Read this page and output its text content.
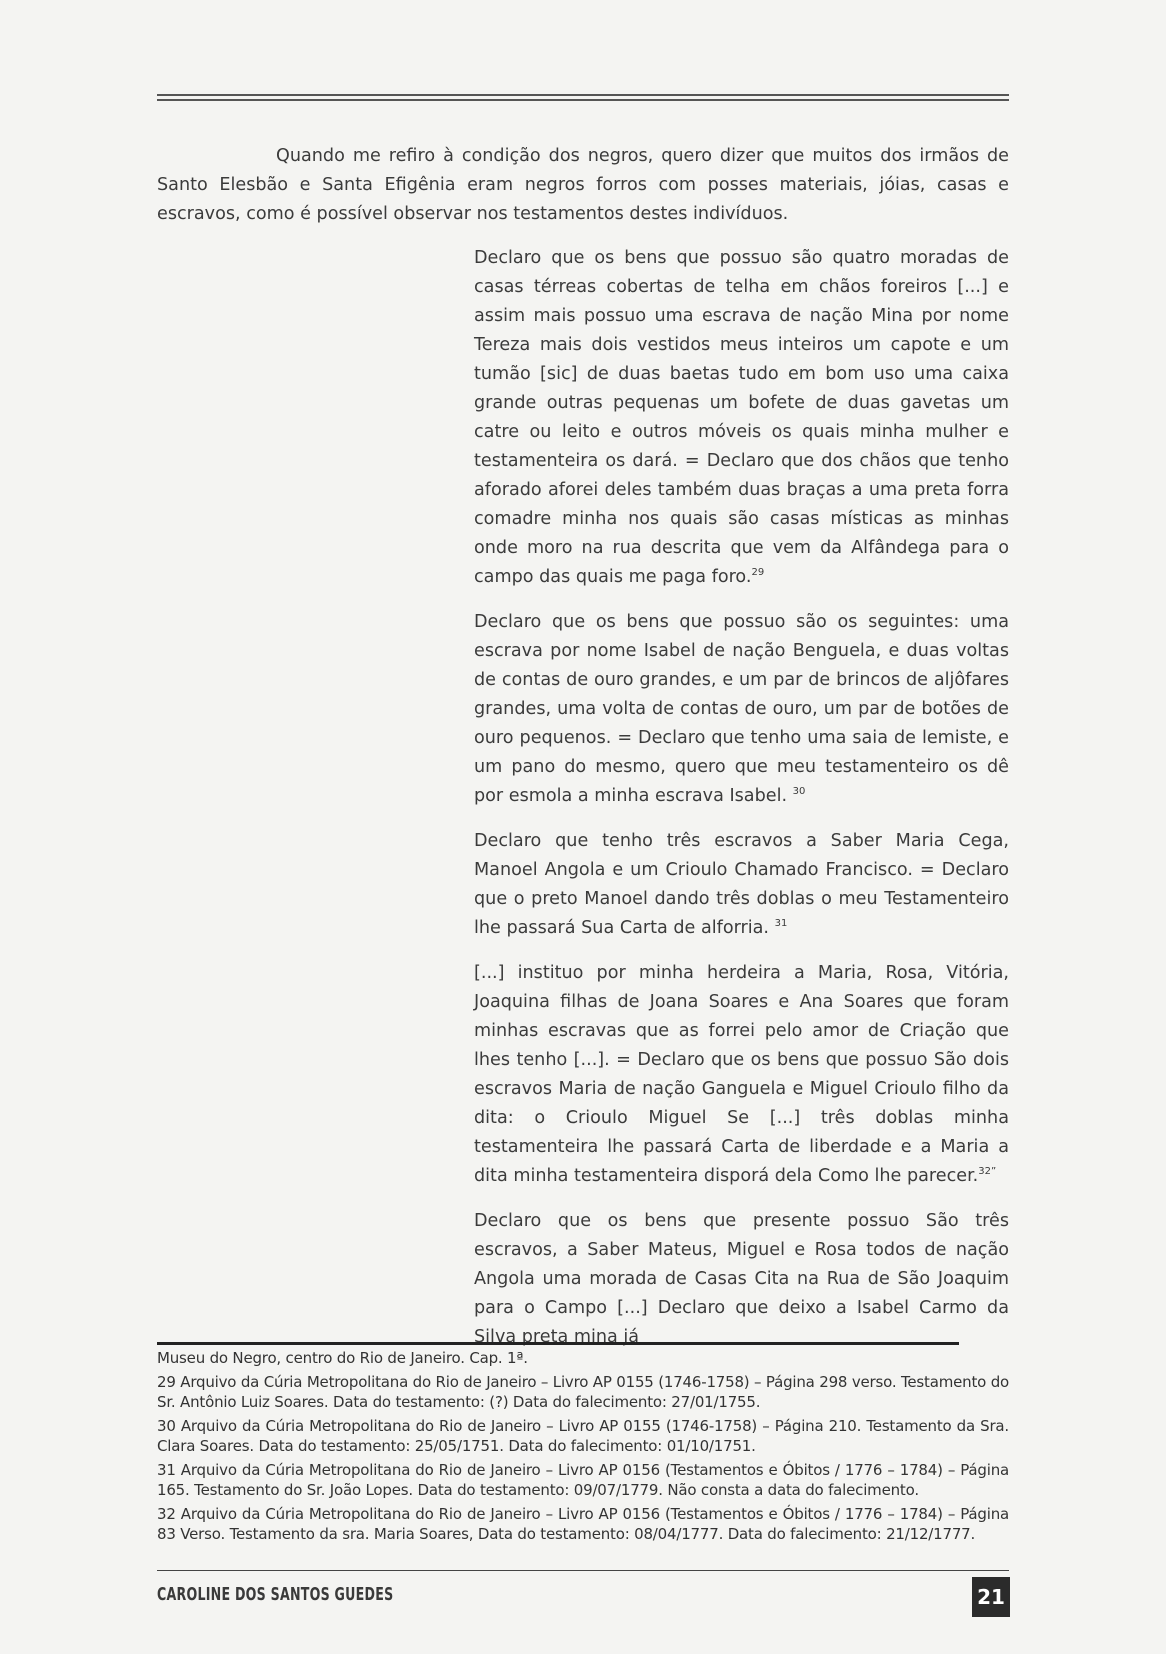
Quando me refiro à condição dos negros, quero dizer que muitos dos irmãos de Santo Elesbão e Santa Efigênia eram negros forros com posses materiais, jóias, casas e escravos, como é possível observar nos testamentos destes indivíduos.

Declaro que os bens que possuo são quatro moradas de casas térreas cobertas de telha em chãos foreiros [...] e assim mais possuo uma escrava de nação Mina por nome Tereza mais dois vestidos meus inteiros um capote e um tumão [sic] de duas baetas tudo em bom uso uma caixa grande outras pequenas um bofete de duas gavetas um catre ou leito e outros móveis os quais minha mulher e testamenteira os dará. = Declaro que dos chãos que tenho aforado aforei deles também duas braças a uma preta forra comadre minha nos quais são casas místicas as minhas onde moro na rua descrita que vem da Alfândega para o campo das quais me paga foro.$^{29}$

Declaro que os bens que possuo são os seguintes: uma escrava por nome Isabel de nação Benguela, e duas voltas de contas de ouro grandes, e um par de brincos de aljôfares grandes, uma volta de contas de ouro, um par de botões de ouro pequenos. = Declaro que tenho uma saia de lemiste, e um pano do mesmo, quero que meu testamenteiro os dê por esmola a minha escrava Isabel. $^{30}$

Declaro que tenho três escravos a Saber Maria Cega, Manoel Angola e um Crioulo Chamado Francisco. = Declaro que o preto Manoel dando três doblas o meu Testamenteiro lhe passará Sua Carta de alforria. $^{31}$

[...] instituo por minha herdeira a Maria, Rosa, Vitória, Joaquina filhas de Joana Soares e Ana Soares que foram minhas escravas que as forrei pelo amor de Criação que lhes tenho [...]. = Declaro que os bens que possuo São dois escravos Maria de nação Ganguela e Miguel Crioulo filho da dita: o Crioulo Miguel Se [...] três doblas minha testamenteira lhe passará Carta de liberdade e a Maria a dita minha testamenteira disporá dela Como lhe parecer.$^{32”}$

Declaro que os bens que presente possuo São três escravos, a Saber Mateus, Miguel e Rosa todos de nação Angola uma morada de Casas Cita na Rua de São Joaquim para o Campo [...] Declaro que deixo a Isabel Carmo da Silva preta mina já

Museu do Negro, centro do Rio de Janeiro. Cap. 1ª.

29 Arquivo da Cúria Metropolitana do Rio de Janeiro – Livro AP 0155 (1746-1758) – Página 298 verso. Testamento do Sr. Antônio Luiz Soares. Data do testamento: (?) Data do falecimento: 27/01/1755.

30 Arquivo da Cúria Metropolitana do Rio de Janeiro – Livro AP 0155 (1746-1758) – Página 210. Testamento da Sra. Clara Soares. Data do testamento: 25/05/1751. Data do falecimento: 01/10/1751.

31 Arquivo da Cúria Metropolitana do Rio de Janeiro – Livro AP 0156 (Testamentos e Óbitos / 1776 – 1784) – Página 165. Testamento do Sr. João Lopes. Data do testamento: 09/07/1779. Não consta a data do falecimento.

32 Arquivo da Cúria Metropolitana do Rio de Janeiro – Livro AP 0156 (Testamentos e Óbitos / 1776 – 1784) – Página 83 Verso. Testamento da sra. Maria Soares, Data do testamento: 08/04/1777. Data do falecimento: 21/12/1777.

CAROLINE DOS SANTOS GUEDES	21
